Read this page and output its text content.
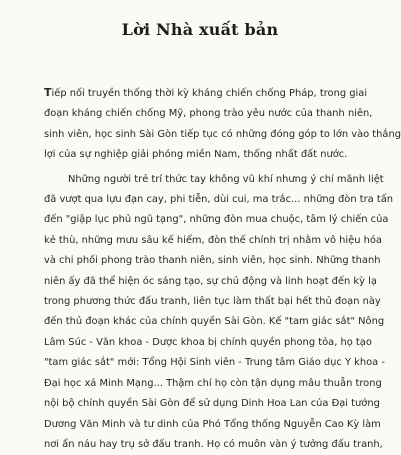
Lời Nhà xuất bản

Tiếp nối truyền thống thời kỳ kháng chiến chống Pháp, trong giai
đoạn kháng chiến chống Mỹ, phong trào yêu nước của thanh niên,
sinh viên, học sinh Sài Gòn tiếp tục có những đóng góp to lớn vào thắng
lợi của sự nghiệp giải phóng miền Nam, thống nhất đất nước.

Những người trẻ trí thức tay không vũ khí nhưng ý chí mãnh liệt
đã vượt qua lựu đạn cay, phi tiễn, dùi cui, ma trắc... những đòn tra tấn
đến "giập lục phủ ngũ tạng", những đòn mua chuộc, tâm lý chiến của
kẻ thù, những mưu sâu kế hiểm, đòn thế chính trị nhằm vô hiệu hóa
và chi phối phong trào thanh niên, sinh viên, học sinh. Những thanh
niên ấy đã thể hiện óc sáng tạo, sự chủ động và linh hoạt đến kỳ lạ
trong phương thức đấu tranh, liên tục làm thất bại hết thủ đoạn này
đến thủ đoạn khác của chính quyền Sài Gòn. Kế "tam giác sắt" Nông
Lâm Súc - Văn khoa - Dược khoa bị chính quyền phong tỏa, họ tạo
"tam giác sắt" mới: Tổng Hội Sinh viên - Trung tâm Giáo dục Y khoa -
Đại học xá Minh Mạng... Thậm chí họ còn tận dụng mâu thuẫn trong
nội bộ chính quyền Sài Gòn để sử dụng Dinh Hoa Lan của Đại tướng
Dương Văn Minh và tư dinh của Phó Tổng thống Nguyễn Cao Kỳ làm
nơi ẩn náu hay trụ sở đấu tranh. Họ có muôn vàn ý tưởng đấu tranh,
